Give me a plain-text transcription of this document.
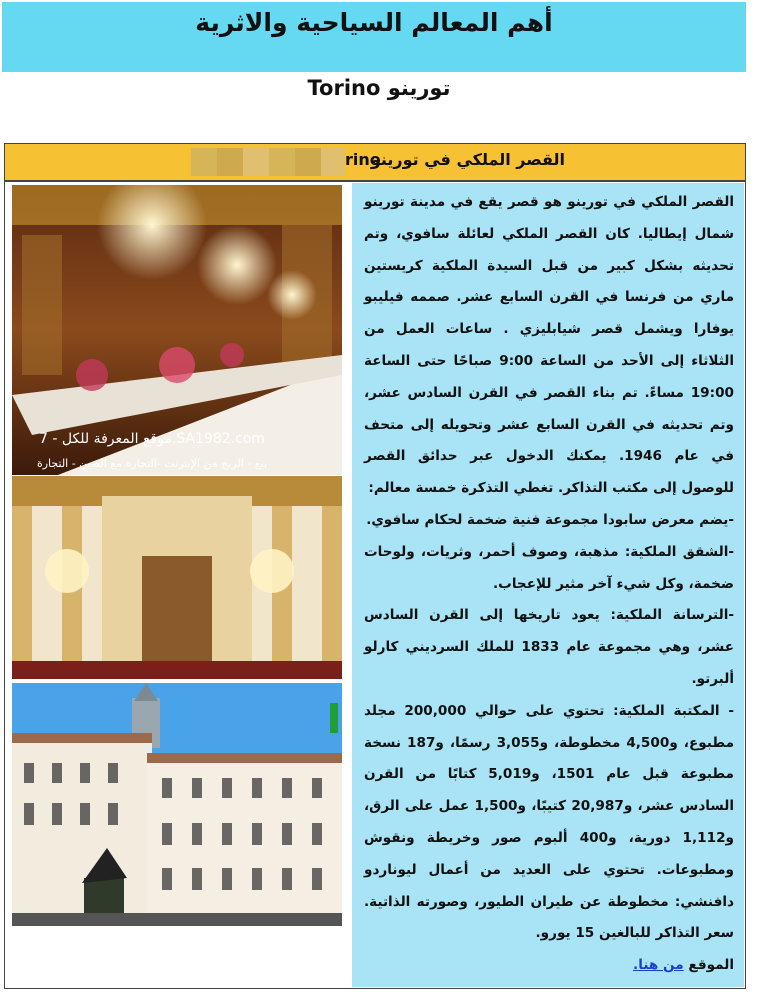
أهم المعالم السياحية والاثرية
تورينو Torino
rino
القصر الملكي في تورينو
موقع المعرفة للكل - 7.SA1982.com
بيع - الربح من الإنترنت -التجارة مع الصين - التجارة

القصر الملكي في تورينو هو قصر يقع في مدينة تورينو شمال إيطاليا. كان القصر الملكي لعائلة سافوي، وتم تحديثه بشكل كبير من قبل السيدة الملكية كريستين ماري من فرنسا في القرن السابع عشر. صممه فيليبو يوفارا ويشمل قصر شيابليزي . ساعات العمل من الثلاثاء إلى الأحد من الساعة 9:00 صباحًا حتى الساعة 19:00 مساءً. تم بناء القصر في القرن السادس عشر، وتم تحديثه في القرن السابع عشر وتحويله إلى متحف في عام 1946. يمكنك الدخول عبر حدائق القصر للوصول إلى مكتب التذاكر. تغطي التذكرة خمسة معالم:

-يضم معرض سابودا مجموعة فنية ضخمة لحكام سافوي.

-الشقق الملكية: مذهبة، وصوف أحمر، وثريات، ولوحات ضخمة، وكل شيء آخر مثير للإعجاب.

-الترسانة الملكية: يعود تاريخها إلى القرن السادس عشر، وهي مجموعة عام 1833 للملك السرديني كارلو ألبرتو.

- المكتبة الملكية: تحتوي على حوالي 200,000 مجلد مطبوع، و4,500 مخطوطة، و3,055 رسمًا، و187 نسخة مطبوعة قبل عام 1501، و5,019 كتابًا من القرن السادس عشر، و20,987 كتيبًا، و1,500 عمل على الرق، و1,112 دورية، و400 ألبوم صور وخريطة ونقوش ومطبوعات. تحتوي على العديد من أعمال ليوناردو دافنشي: مخطوطة عن طيران الطيور، وصورته الذاتية. سعر التذاكر للبالغين 15 يورو.

الموقع من هنا.
